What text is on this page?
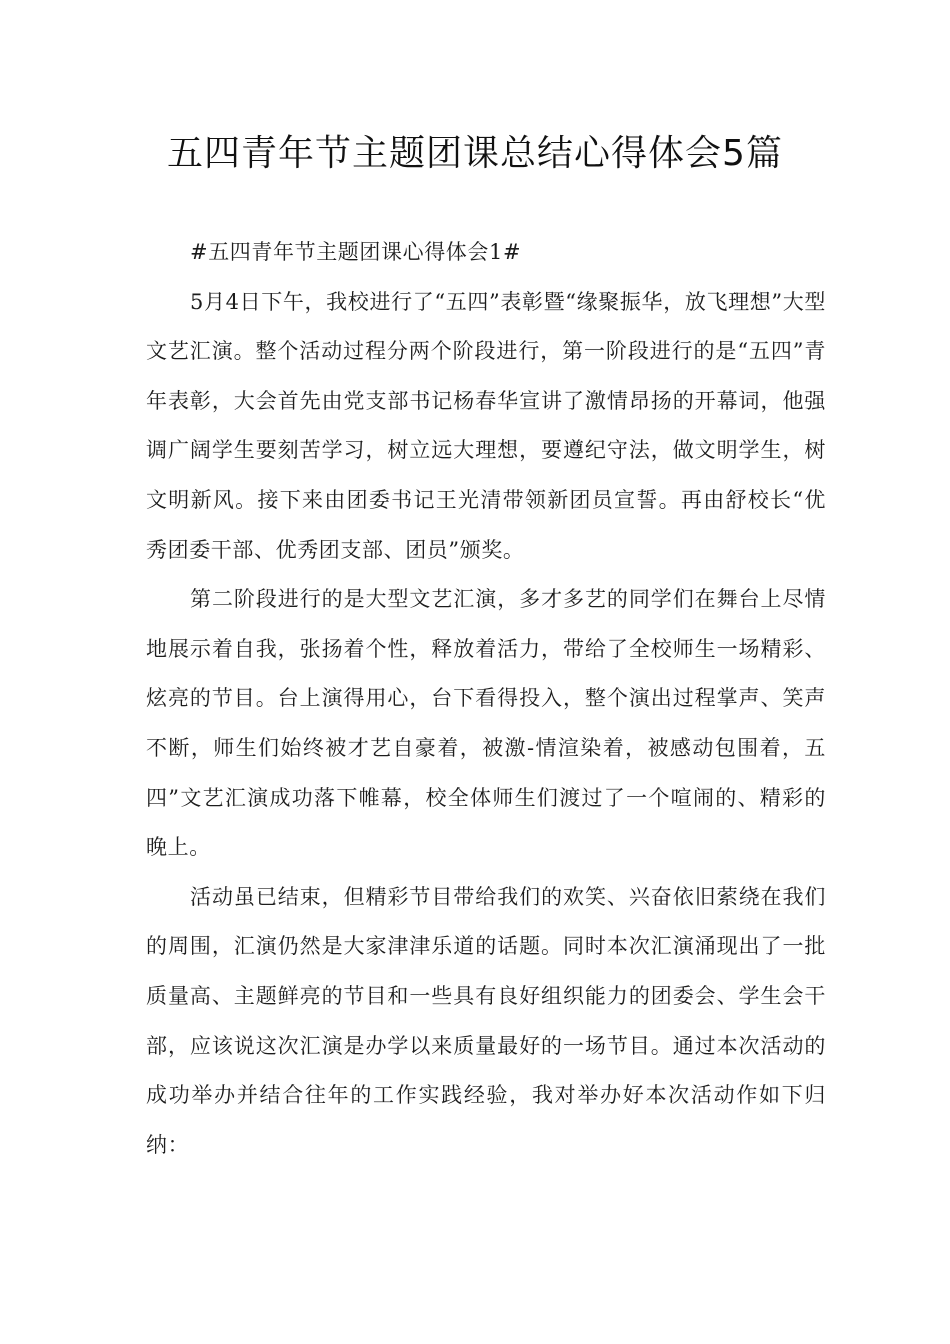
五四青年节主题团课总结心得体会5篇

#五四青年节主题团课心得体会1#

5月4日下午，我校进行了“五四”表彰暨“缘聚振华，放飞理想”大型文艺汇演。整个活动过程分两个阶段进行，第一阶段进行的是“五四”青年表彰，大会首先由党支部书记杨春华宣讲了激情昂扬的开幕词，他强调广阔学生要刻苦学习，树立远大理想，要遵纪守法，做文明学生，树文明新风。接下来由团委书记王光清带领新团员宣誓。再由舒校长“优秀团委干部、优秀团支部、团员”颁奖。

第二阶段进行的是大型文艺汇演，多才多艺的同学们在舞台上尽情地展示着自我，张扬着个性，释放着活力，带给了全校师生一场精彩、炫亮的节目。台上演得用心，台下看得投入，整个演出过程掌声、笑声不断，师生们始终被才艺自豪着，被激-情渲染着，被感动包围着，五四”文艺汇演成功落下帷幕，校全体师生们渡过了一个喧闹的、精彩的晚上。

活动虽已结束，但精彩节目带给我们的欢笑、兴奋依旧萦绕在我们的周围，汇演仍然是大家津津乐道的话题。同时本次汇演涌现出了一批质量高、主题鲜亮的节目和一些具有良好组织能力的团委会、学生会干部，应该说这次汇演是办学以来质量最好的一场节目。通过本次活动的成功举办并结合往年的工作实践经验，我对举办好本次活动作如下归纳：
